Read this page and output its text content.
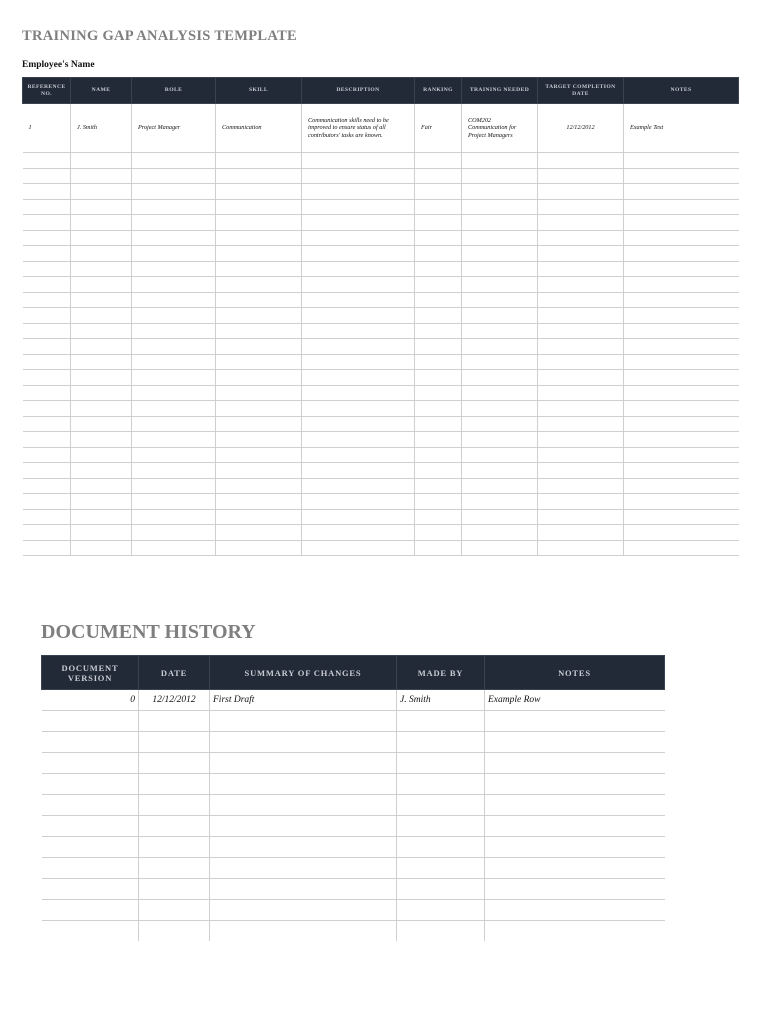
TRAINING GAP ANALYSIS TEMPLATE
Employee's Name
REFERENCE NO.	NAME	ROLE	SKILL	DESCRIPTION	RANKING	TRAINING NEEDED	TARGET COMPLETION DATE	NOTES
1	J. Smith	Project Manager	Communication	Communication skills need to be improved to ensure status of all contributors' tasks are known.	Fair	COM202 Communication for Project Managers	12/12/2012	Example Text

DOCUMENT HISTORY
DOCUMENT VERSION	DATE	SUMMARY OF CHANGES	MADE BY	NOTES
0	12/12/2012	First Draft	J. Smith	Example Row
